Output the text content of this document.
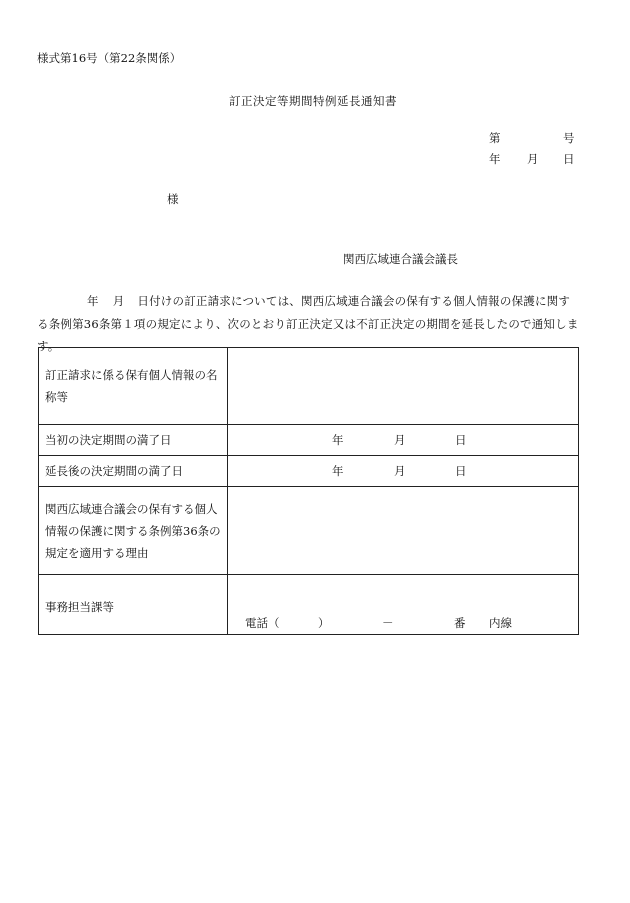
様式第16号（第22条関係）
訂正決定等期間特例延長通知書
第	号
年 月 日
様
関西広域連合議会議長
年 月 日付けの訂正請求については、関西広域連合議会の保有する個人情報の保護に関する条例第36条第１項の規定により、次のとおり訂正決定又は不訂正決定の期間を延長したので通知します。
訂正請求に係る保有個人情報の名称等	
当初の決定期間の満了日	年 月 日

延長後の決定期間の満了日	年 月 日

関西広域連合議会の保有する個人情報の保護に関する条例第36条の規定を適用する理由	
事務担当課等	電話（ ） － 番 内線
